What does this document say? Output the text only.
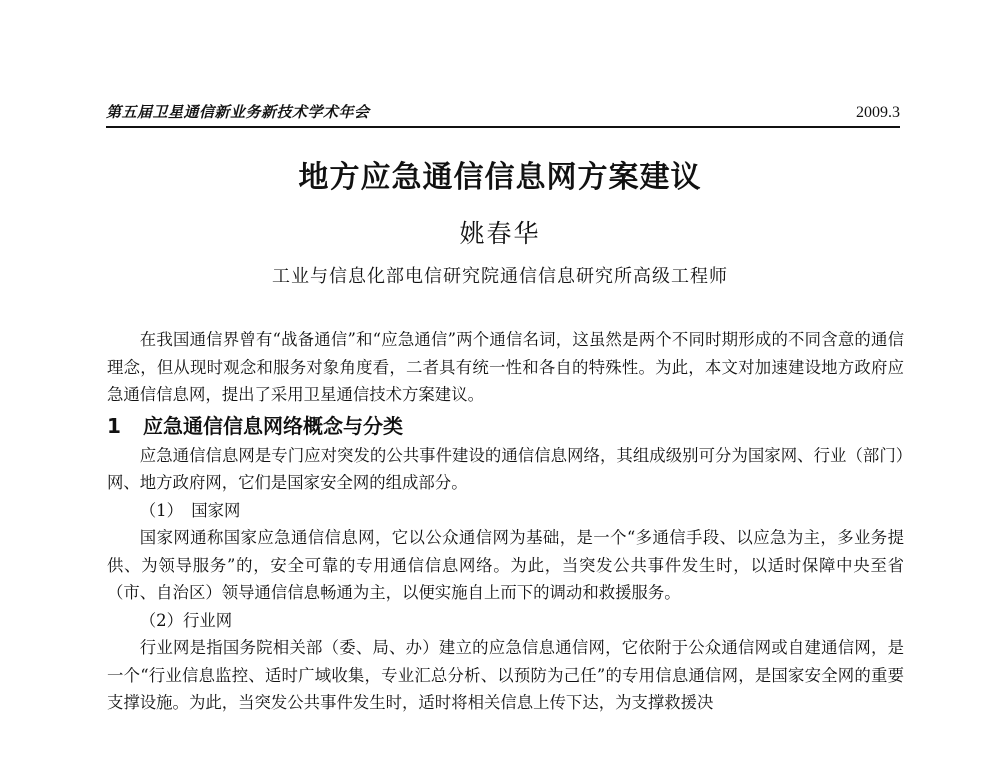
第五届卫星通信新业务新技术学术年会	2009.3
地方应急通信信息网方案建议
姚春华
工业与信息化部电信研究院通信信息研究所高级工程师

在我国通信界曾有“战备通信”和“应急通信”两个通信名词，这虽然是两个不同时期形成的不同含意的通信理念，但从现时观念和服务对象角度看，二者具有统一性和各自的特殊性。为此，本文对加速建设地方政府应急通信信息网，提出了采用卫星通信技术方案建议。

1 应急通信信息网络概念与分类

应急通信信息网是专门应对突发的公共事件建设的通信信息网络，其组成级别可分为国家网、行业（部门）网、地方政府网，它们是国家安全网的组成部分。

（1）　国家网

国家网通称国家应急通信信息网，它以公众通信网为基础，是一个“多通信手段、以应急为主，多业务提供、为领导服务”的，安全可靠的专用通信信息网络。为此，当突发公共事件发生时，以适时保障中央至省（市、自治区）领导通信信息畅通为主，以便实施自上而下的调动和救援服务。

（2）行业网

行业网是指国务院相关部（委、局、办）建立的应急信息通信网，它依附于公众通信网或自建通信网，是一个“行业信息监控、适时广域收集，专业汇总分析、以预防为己任”的专用信息通信网，是国家安全网的重要支撑设施。为此，当突发公共事件发生时，适时将相关信息上传下达，为支撑救援决
